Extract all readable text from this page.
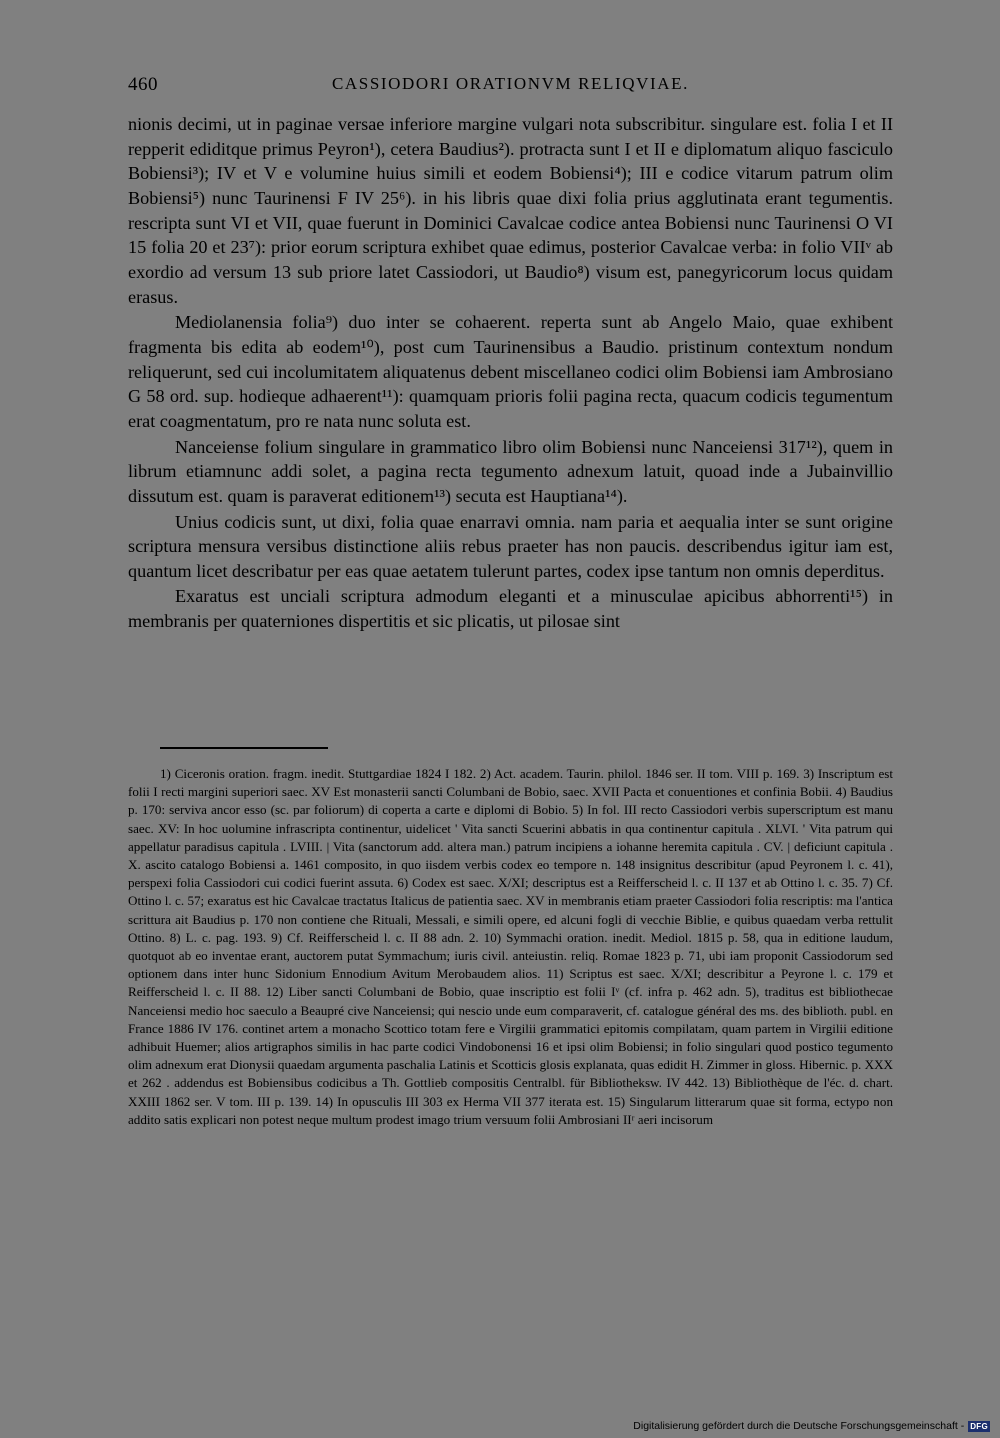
460	CASSIODORI ORATIONVM RELIQVIAE.

nionis decimi, ut in paginae versae inferiore margine vulgari nota subscribitur. singulare est. folia I et II repperit ediditque primus Peyron¹), cetera Baudius²). protracta sunt I et II e diplomatum aliquo fasciculo Bobiensi³); IV et V e volumine huius simili et eodem Bobiensi⁴); III e codice vitarum patrum olim Bobiensi⁵) nunc Taurinensi F IV 25⁶). in his libris quae dixi folia prius agglutinata erant tegumentis. rescripta sunt VI et VII, quae fuerunt in Dominici Cavalcae codice antea Bobiensi nunc Taurinensi O VI 15 folia 20 et 23⁷): prior eorum scriptura exhibet quae edimus, posterior Cavalcae verba: in folio VIIᵛ ab exordio ad versum 13 sub priore latet Cassiodori, ut Baudio⁸) visum est, panegyricorum locus quidam erasus.

Mediolanensia folia⁹) duo inter se cohaerent. reperta sunt ab Angelo Maio, quae exhibent fragmenta bis edita ab eodem¹⁰), post cum Taurinensibus a Baudio. pristinum contextum nondum reliquerunt, sed cui incolumitatem aliquatenus debent miscellaneo codici olim Bobiensi iam Ambrosiano G 58 ord. sup. hodieque adhaerent¹¹): quamquam prioris folii pagina recta, quacum codicis tegumentum erat coagmentatum, pro re nata nunc soluta est.

Nanceiense folium singulare in grammatico libro olim Bobiensi nunc Nanceiensi 317¹²), quem in librum etiamnunc addi solet, a pagina recta tegumento adnexum latuit, quoad inde a Jubainvillio dissutum est. quam is paraverat editionem¹³) secuta est Hauptiana¹⁴).

Unius codicis sunt, ut dixi, folia quae enarravi omnia. nam paria et aequalia inter se sunt origine scriptura mensura versibus distinctione aliis rebus praeter has non paucis. describendus igitur iam est, quantum licet describatur per eas quae aetatem tulerunt partes, codex ipse tantum non omnis deperditus.

Exaratus est unciali scriptura admodum eleganti et a minusculae apicibus abhorrenti¹⁵) in membranis per quaterniones dispertitis et sic plicatis, ut pilosae sint

1) Ciceronis oration. fragm. inedit. Stuttgardiae 1824 I 182. 2) Act. academ. Taurin. philol. 1846 ser. II tom. VIII p. 169. 3) Inscriptum est folii I recti margini superiori saec. XV Est monasterii sancti Columbani de Bobio, saec. XVII Pacta et conuentiones et confinia Bobii. 4) Baudius p. 170: serviva ancor esso (sc. par foliorum) di coperta a carte e diplomi di Bobio. 5) In fol. III recto Cassiodori verbis superscriptum est manu saec. XV: In hoc uolumine infrascripta continentur, uidelicet ' Vita sancti Scuerini abbatis in qua continentur capitula . XLVI. ' Vita patrum qui appellatur paradisus capitula . LVIII. | Vita (sanctorum add. altera man.) patrum incipiens a iohanne heremita capitula . CV. | deficiunt capitula . X. ascito catalogo Bobiensi a. 1461 composito, in quo iisdem verbis codex eo tempore n. 148 insignitus describitur (apud Peyronem l. c. 41), perspexi folia Cassiodori cui codici fuerint assuta. 6) Codex est saec. X/XI; descriptus est a Reifferscheid l. c. II 137 et ab Ottino l. c. 35. 7) Cf. Ottino l. c. 57; exaratus est hic Cavalcae tractatus Italicus de patientia saec. XV in membranis etiam praeter Cassiodori folia rescriptis: ma l'antica scrittura ait Baudius p. 170 non contiene che Rituali, Messali, e simili opere, ed alcuni fogli di vecchie Biblie, e quibus quaedam verba rettulit Ottino. 8) L. c. pag. 193. 9) Cf. Reifferscheid l. c. II 88 adn. 2. 10) Symmachi oration. inedit. Mediol. 1815 p. 58, qua in editione laudum, quotquot ab eo inventae erant, auctorem putat Symmachum; iuris civil. anteiustin. reliq. Romae 1823 p. 71, ubi iam proponit Cassiodorum sed optionem dans inter hunc Sidonium Ennodium Avitum Merobaudem alios. 11) Scriptus est saec. X/XI; describitur a Peyrone l. c. 179 et Reifferscheid l. c. II 88. 12) Liber sancti Columbani de Bobio, quae inscriptio est folii Iᵛ (cf. infra p. 462 adn. 5), traditus est bibliothecae Nanceiensi medio hoc saeculo a Beaupré cive Nanceiensi; qui nescio unde eum comparaverit, cf. catalogue général des ms. des biblioth. publ. en France 1886 IV 176. continet artem a monacho Scottico totam fere e Virgilii grammatici epitomis compilatam, quam partem in Virgilii editione adhibuit Huemer; alios artigraphos similis in hac parte codici Vindobonensi 16 et ipsi olim Bobiensi; in folio singulari quod postico tegumento olim adnexum erat Dionysii quaedam argumenta paschalia Latinis et Scotticis glosis explanata, quas edidit H. Zimmer in gloss. Hibernic. p. XXX et 262 . addendus est Bobiensibus codicibus a Th. Gottlieb compositis Centralbl. für Bibliotheksw. IV 442. 13) Bibliothèque de l'éc. d. chart. XXIII 1862 ser. V tom. III p. 139. 14) In opusculis III 303 ex Herma VII 377 iterata est. 15) Singularum litterarum quae sit forma, ectypo non addito satis explicari non potest neque multum prodest imago trium versuum folii Ambrosiani IIʳ aeri incisorum

Digitalisierung gefördert durch die Deutsche Forschungsgemeinschaft - DFG
